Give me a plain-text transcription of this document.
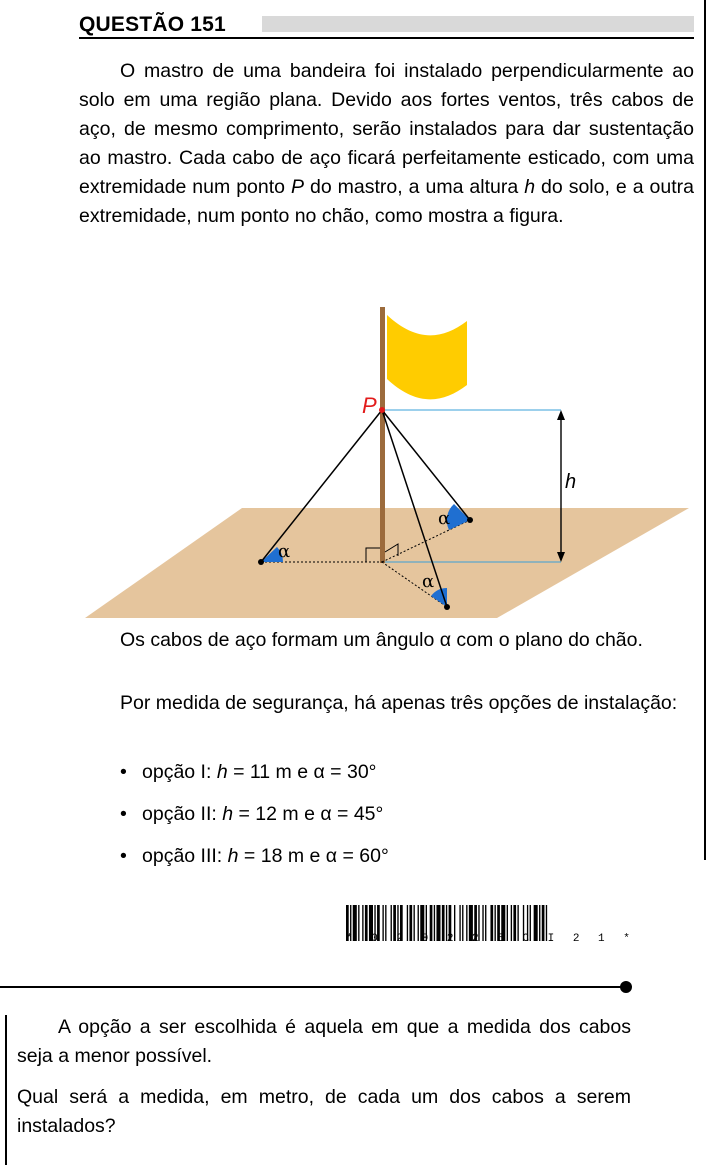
QUESTÃO 151

O mastro de uma bandeira foi instalado perpendicularmente ao solo em uma região plana. Devido aos fortes ventos, três cabos de aço, de mesmo comprimento, serão instalados para dar sustentação ao mastro. Cada cabo de aço ficará perfeitamente esticado, com uma extremidade num ponto P do mastro, a uma altura h do solo, e a outra extremidade, num ponto no chão, como mostra a figura.

h
P
α
α
α

Os cabos de aço formam um ângulo α com o plano do chão.

Por medida de segurança, há apenas três opções de instalação:

• opção I: h = 11 m e α = 30°
• opção II: h = 12 m e α = 45°
• opção III: h = 18 m e α = 60°
* 0 2 0 2 2 5 C I 2 1 *

A opção a ser escolhida é aquela em que a medida dos cabos seja a menor possível.

Qual será a medida, em metro, de cada um dos cabos a serem instalados?
